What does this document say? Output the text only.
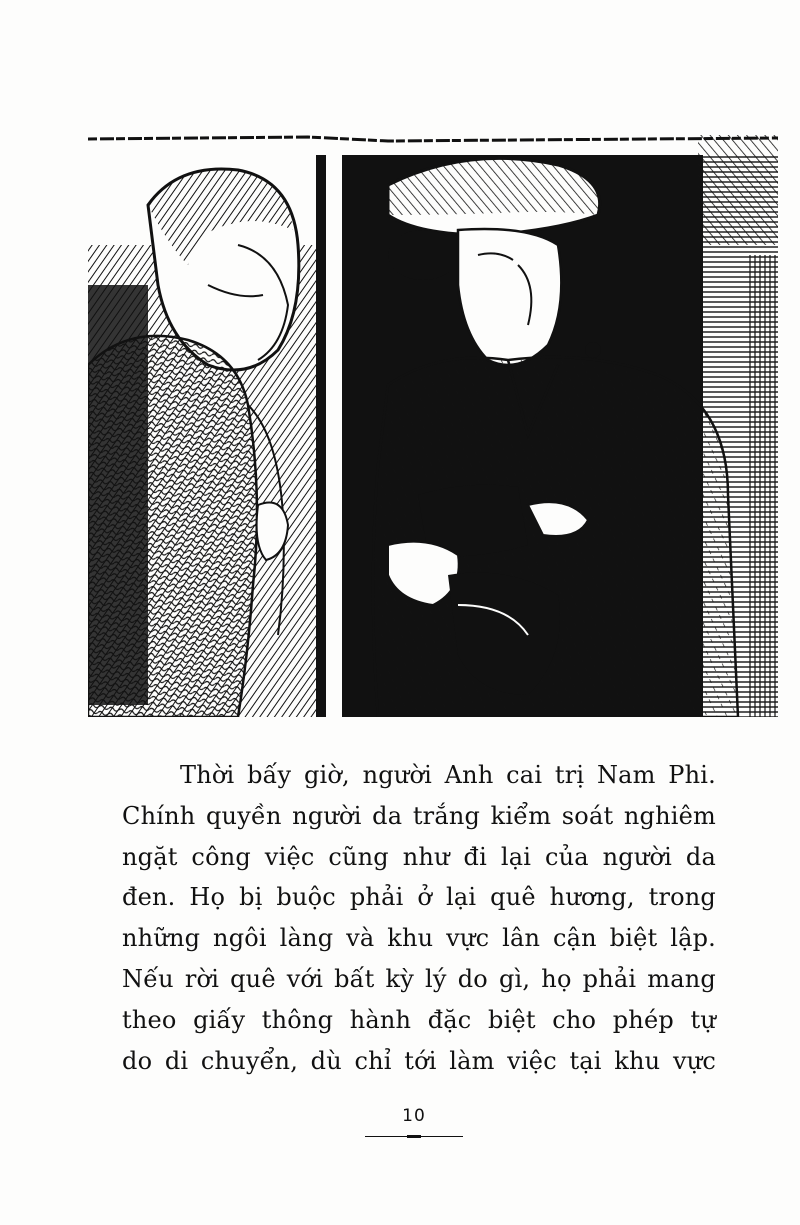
Thời bấy giờ, người Anh cai trị Nam Phi.
Chính quyền người da trắng kiểm soát nghiêm
ngặt công việc cũng như đi lại của người da
đen. Họ bị buộc phải ở lại quê hương, trong
những ngôi làng và khu vực lân cận biệt lập.
Nếu rời quê với bất kỳ lý do gì, họ phải mang
theo giấy thông hành đặc biệt cho phép tự
do di chuyển, dù chỉ tới làm việc tại khu vực
10
